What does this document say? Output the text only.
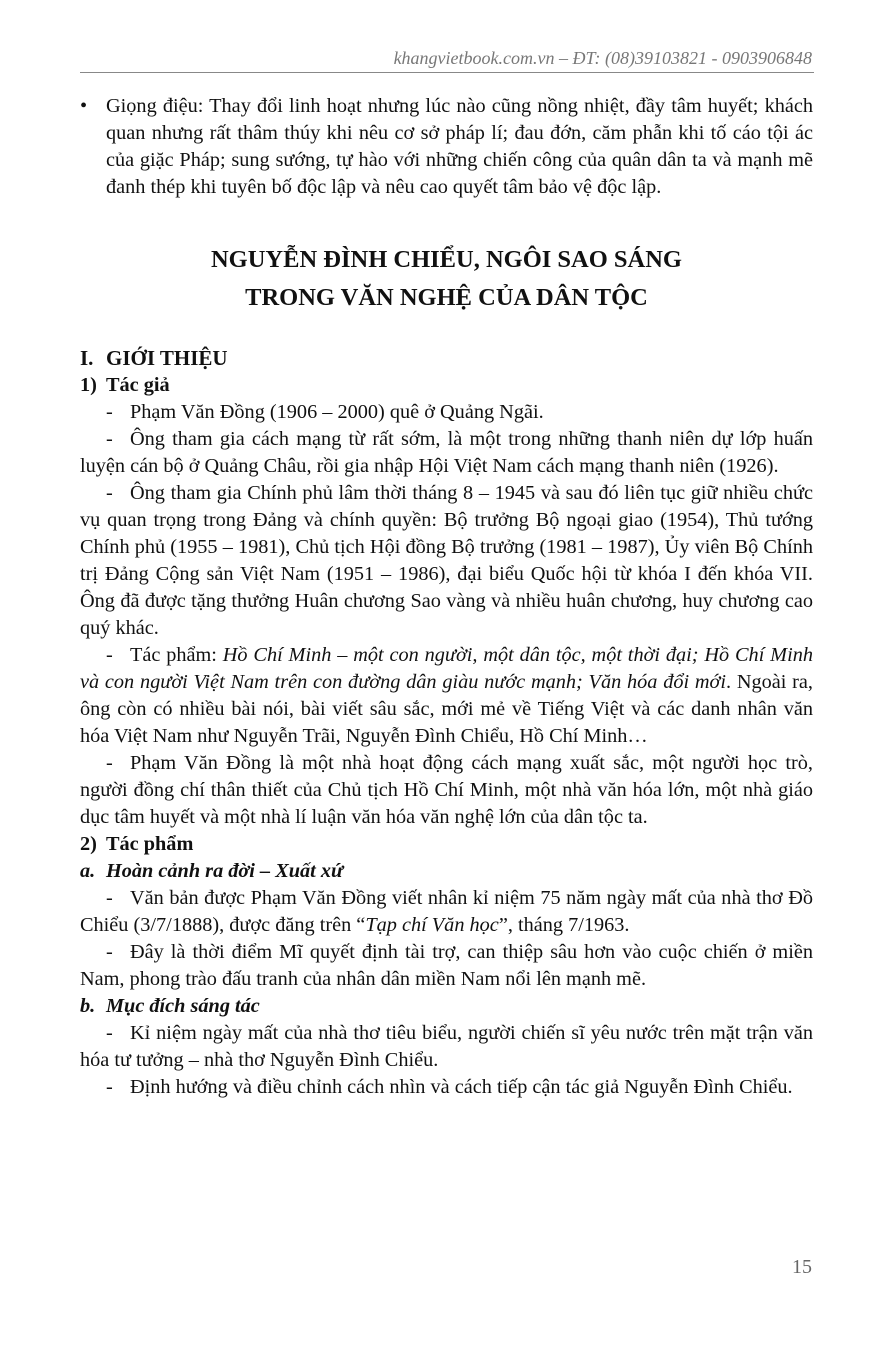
khangvietbook.com.vn – ĐT: (08)39103821 - 0903906848

• Giọng điệu: Thay đổi linh hoạt nhưng lúc nào cũng nồng nhiệt, đầy tâm huyết; khách quan nhưng rất thâm thúy khi nêu cơ sở pháp lí; đau đớn, căm phẫn khi tố cáo tội ác của giặc Pháp; sung sướng, tự hào với những chiến công của quân dân ta và mạnh mẽ đanh thép khi tuyên bố độc lập và nêu cao quyết tâm bảo vệ độc lập.

NGUYỄN ĐÌNH CHIỂU, NGÔI SAO SÁNG
TRONG VĂN NGHỆ CỦA DÂN TỘC

I. GIỚI THIỆU

1) Tác giả

- Phạm Văn Đồng (1906 – 2000) quê ở Quảng Ngãi.

- Ông tham gia cách mạng từ rất sớm, là một trong những thanh niên dự lớp huấn luyện cán bộ ở Quảng Châu, rồi gia nhập Hội Việt Nam cách mạng thanh niên (1926).

- Ông tham gia Chính phủ lâm thời tháng 8 – 1945 và sau đó liên tục giữ nhiều chức vụ quan trọng trong Đảng và chính quyền: Bộ trưởng Bộ ngoại giao (1954), Thủ tướng Chính phủ (1955 – 1981), Chủ tịch Hội đồng Bộ trưởng (1981 – 1987), Ủy viên Bộ Chính trị Đảng Cộng sản Việt Nam (1951 – 1986), đại biểu Quốc hội từ khóa I đến khóa VII. Ông đã được tặng thưởng Huân chương Sao vàng và nhiều huân chương, huy chương cao quý khác.

- Tác phẩm: Hồ Chí Minh – một con người, một dân tộc, một thời đại; Hồ Chí Minh và con người Việt Nam trên con đường dân giàu nước mạnh; Văn hóa đổi mới. Ngoài ra, ông còn có nhiều bài nói, bài viết sâu sắc, mới mẻ về Tiếng Việt và các danh nhân văn hóa Việt Nam như Nguyễn Trãi, Nguyễn Đình Chiểu, Hồ Chí Minh…

- Phạm Văn Đồng là một nhà hoạt động cách mạng xuất sắc, một người học trò, người đồng chí thân thiết của Chủ tịch Hồ Chí Minh, một nhà văn hóa lớn, một nhà giáo dục tâm huyết và một nhà lí luận văn hóa văn nghệ lớn của dân tộc ta.

2) Tác phẩm

a. Hoàn cảnh ra đời – Xuất xứ

- Văn bản được Phạm Văn Đồng viết nhân kỉ niệm 75 năm ngày mất của nhà thơ Đồ Chiểu (3/7/1888), được đăng trên “Tạp chí Văn học”, tháng 7/1963.

- Đây là thời điểm Mĩ quyết định tài trợ, can thiệp sâu hơn vào cuộc chiến ở miền Nam, phong trào đấu tranh của nhân dân miền Nam nổi lên mạnh mẽ.

b. Mục đích sáng tác

- Kỉ niệm ngày mất của nhà thơ tiêu biểu, người chiến sĩ yêu nước trên mặt trận văn hóa tư tưởng – nhà thơ Nguyễn Đình Chiểu.

- Định hướng và điều chỉnh cách nhìn và cách tiếp cận tác giả Nguyễn Đình Chiểu.

15
